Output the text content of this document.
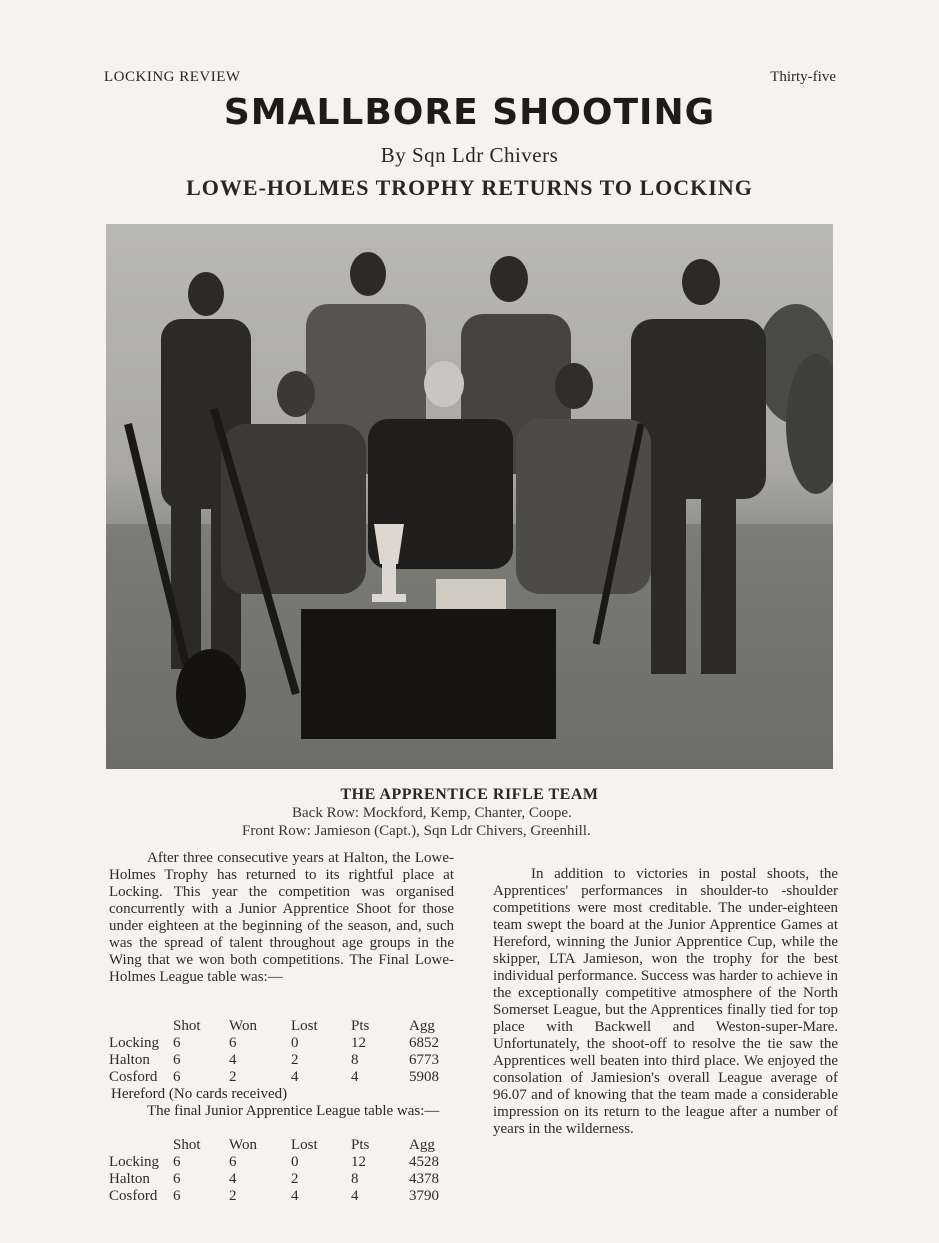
LOCKING REVIEW	Thirty-five
SMALLBORE SHOOTING
By Sqn Ldr Chivers
LOWE-HOLMES TROPHY RETURNS TO LOCKING
THE APPRENTICE RIFLE TEAM
Back Row: Mockford, Kemp, Chanter, Coope.
Front Row: Jamieson (Capt.), Sqn Ldr Chivers, Greenhill.
After three consecutive years at Halton, the Lowe-Holmes Trophy has returned to its rightful place at Locking. This year the competition was organised concurrently with a Junior Apprentice Shoot for those under eighteen at the beginning of the season, and, such was the spread of talent throughout age groups in the Wing that we won both competitions. The Final Lowe-Holmes League table was:—
	Shot	Won	Lost	Pts	Agg
Locking	6	6	0	12	6852
Halton	6	4	2	8	6773
Cosford	6	2	4	4	5908
Hereford (No cards received)
The final Junior Apprentice League table was:—
	Shot	Won	Lost	Pts	Agg
Locking	6	6	0	12	4528
Halton	6	4	2	8	4378
Cosford	6	2	4	4	3790
In addition to victories in postal shoots, the Apprentices' performances in shoulder-to -shoulder competitions were most creditable. The under-eighteen team swept the board at the Junior Apprentice Games at Hereford, winning the Junior Apprentice Cup, while the skipper, LTA Jamieson, won the trophy for the best individual performance. Success was harder to achieve in the exceptionally competitive atmosphere of the North Somerset League, but the Apprentices finally tied for top place with Backwell and Weston-super-Mare. Unfortunately, the shoot-off to resolve the tie saw the Apprentices well beaten into third place. We enjoyed the consolation of Jamiesion's overall League average of 96.07 and of knowing that the team made a considerable impression on its return to the league after a number of years in the wilderness.
